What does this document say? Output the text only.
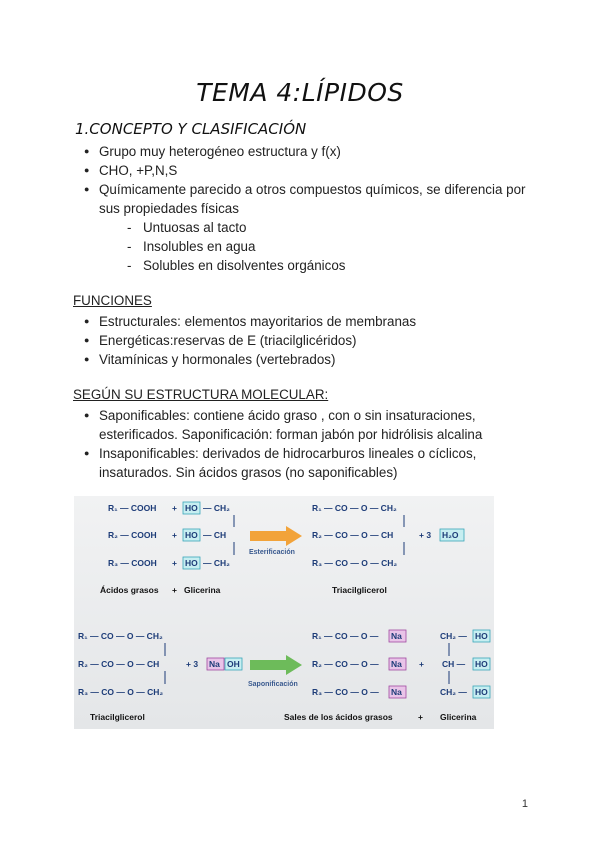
TEMA 4:LÍPIDOS
1.CONCEPTO Y CLASIFICACIÓN
● Grupo muy heterogéneo estructura y f(x)
● CHO, +P,N,S
● Químicamente parecido a otros compuestos químicos, se diferencia por sus propiedades físicas
- Untuosas al tacto
- Insolubles en agua
- Solubles en disolventes orgánicos
FUNCIONES
● Estructurales: elementos mayoritarios de membranas
● Energéticas:reservas de E (triacilglicéridos)
● Vitamínicas y hormonales (vertebrados)
SEGÚN SU ESTRUCTURA MOLECULAR:
● Saponificables: contiene ácido graso , con o sin insaturaciones, esterificados. Saponificación: forman jabón por hidrólisis alcalina
● Insaponificables: derivados de hidrocarburos lineales o cíclicos, insaturados. Sin ácidos grasos (no saponificables)
R₁ — COOH
R₂ — COOH
R₃ — COOH
+
+
+
HO
HO
HO
— CH₂
— CH
— CH₂
Esterificación
R₁ — CO — O — CH₂
R₂ — CO — O — CH
R₃ — CO — O — CH₂
+ 3 H₂O
Ácidos grasos + Glicerina	Triacilglicerol
R₁ — CO — O — CH₂
R₂ — CO — O — CH
R₃ — CO — O — CH₂
+ 3 Na OH
Saponificación
R₁ — CO — O —
R₂ — CO — O —
R₃ — CO — O —
Na
Na
Na
+
CH₂ —
CH —
CH₂ —
HO
HO
HO
Triacilglicerol	Sales de los ácidos grasos	+ Glicerina
1
